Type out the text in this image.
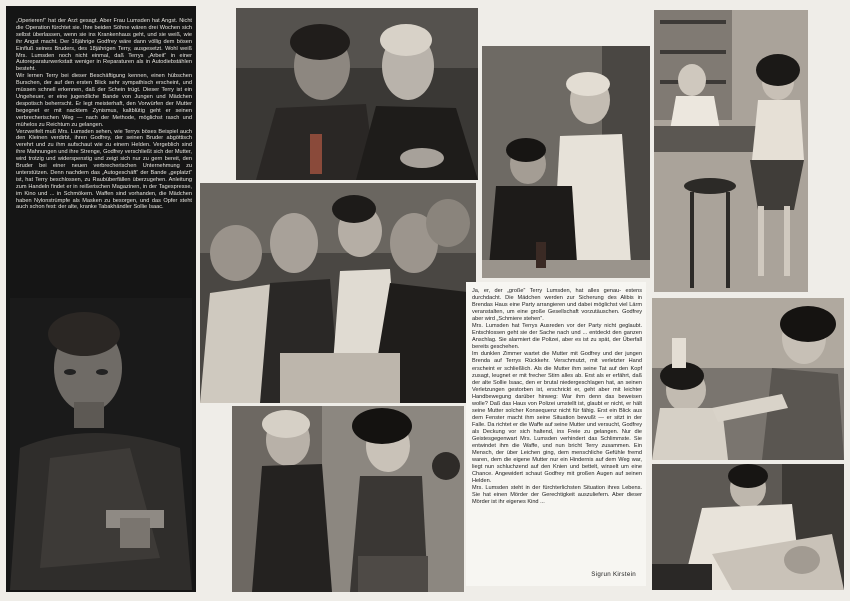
„Operieren!“ hat der Arzt gesagt. Aber Frau Lumsden hat Angst. Nicht die Operation fürchtet sie. Ihre beiden Söhne wären drei Wochen sich selbst überlassen, wenn sie ins Krankenhaus geht, und sie weiß, wie ihr Angst macht. Der 16jährige Godfrey wäre dann völlig dem bösen Einfluß seines Bruders, des 18jährigen Terry, ausgesetzt. Wohl weiß Mrs. Lumsden noch nicht einmal, daß Terrys „Arbeit“ in einer Autoreparaturwerkstatt weniger in Reparaturen als in Autodiebstählen besteht.
Wir lernen Terry bei dieser Beschäftigung kennen, einen hübschen Burschen, der auf den ersten Blick sehr sympathisch erscheint, und müssen schnell erkennen, daß der Schein trügt. Dieser Terry ist ein Ungeheuer, er eine jugendliche Bande von Jungen und Mädchen despotisch beherrscht. Er legt meisterhaft, den Vorwürfen der Mutter begegnet er mit nacktem Zynismus, kaltblütig geht er seinen verbrecherischen Weg — nach der Methode, möglichst rasch und mühelos zu Reichtum zu gelangen.
Verzweifelt muß Mrs. Lumsden sehen, wie Terrys böses Beispiel auch den Kleinen verdirbt, ihren Godfrey, der seinen Bruder abgöttisch verehrt und zu ihm aufschaut wie zu einem Helden. Vergeblich sind ihre Mahnungen und ihre Strenge, Godfrey verschließt sich der Mutter, wird trotzig und widerspenstig und zeigt sich nur zu gern bereit, den Bruder bei einer neuen verbrecherischen Unternehmung zu unterstützen. Denn nachdem das „Autogeschäft“ der Bande „geplatzt“ ist, hat Terry beschlossen, zu Raubüberfällen überzugehen. Anleitung zum Handeln findet er in reißerischen Magazinen, in der Tagespresse, im Kino und ... in Schmökern. Waffen sind vorhanden, die Mädchen haben Nylonstrümpfe als Masken zu besorgen, und das Opfer steht auch schon fest: der alte, kranke Tabakhändler Sollie Isaac.

Ja, er, der „große“ Terry Lumsden, hat alles genau- estens durchdacht. Die Mädchen werden zur Sicherung des Alibis in Brendas Haus eine Party arrangieren und dabei möglichst viel Lärm veranstalten, um eine große Gesellschaft vorzutäuschen. Godfrey aber wird „Schmiere stehen“.
Mrs. Lumsden hat Terrys Ausreden vor der Party nicht geglaubt. Entschlossen geht sie der Sache nach und ... entdeckt den ganzen Anschlag. Sie alarmiert die Polizei, aber es ist zu spät, der Überfall bereits geschehen.
Im dunklen Zimmer wartet die Mutter mit Godfrey und der jungen Brenda auf Terrys Rückkehr. Verschmutzt, mit verletzter Hand erscheint er schließlich. Als die Mutter ihm seine Tat auf den Kopf zusagt, leugnet er mit frecher Stirn alles ab. Erst als er erfährt, daß der alte Sollie Isaac, den er brutal niedergeschlagen hat, an seinen Verletzungen gestorben ist, erschrickt er, geht aber mit leichter Handbewegung darüber hinweg: War ihm denn das beweisen wolle? Daß das Haus von Polizei umstellt ist, glaubt er nicht, er hält seine Mutter solcher Konsequenz nicht für fähig. Erst ein Blick aus dem Fenster macht ihm seine Situation bewußt — er sitzt in der Falle. Da richtet er die Waffe auf seine Mutter und versucht, Godfrey als Deckung vor sich haltend, ins Freie zu gelangen. Nur die Geistesgegenwart Mrs. Lumsden verhindert das Schlimmste. Sie entwindet ihm die Waffe, und nun bricht Terry zusammen. Ein Mensch, der über Leichen ging, dem menschliche Gefühle fremd waren, dem die eigene Mutter nur ein Hindernis auf dem Weg war, liegt nun schluchzend auf den Knien und bettelt, winselt um eine Chance. Angewidert schaut Godfrey mit großen Augen auf seinen Helden.
Mrs. Lumsden steht in der fürchterlichsten Situation ihres Lebens. Sie hat einen Mörder der Gerechtigkeit auszuliefern. Aber dieser Mörder ist ihr eigenes Kind ...

Sigrun Kirstein
